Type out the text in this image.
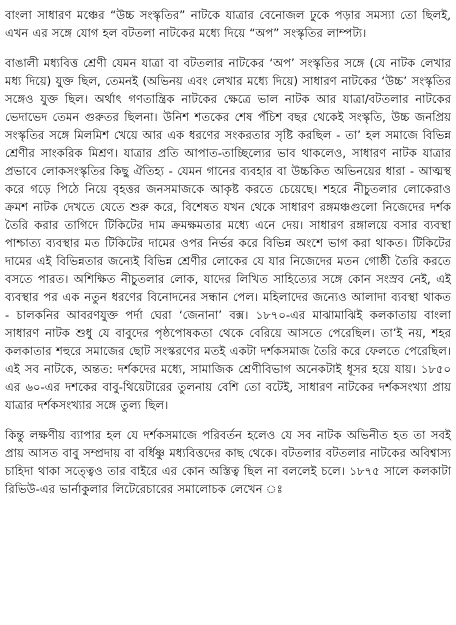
বাংলা সাধারণ মঞ্চের “উচ্চ সংস্কৃতির” নাটকে যাত্রার বেনোজল ঢুকে পড়ার সমস্যা তো ছিলই, এখন এর সঙ্গে যোগ হল বটতলা নাটকের মধ্যে দিয়ে “অপ” সংস্কৃতির লাম্পট্য।

বাঙালী মধ্যবিত্ত শ্রেণী যেমন যাত্রা বা বটতলার নাটকের ‘অপ’ সংস্কৃতির সঙ্গে (যে নাটক লেখার মধ্য দিয়ে) যুক্ত ছিল, তেমনই (অভিনয় এবং লেখার মধ্যে দিয়ে) সাধারণ নাটকের ‘উচ্চ’ সংস্কৃতির সঙ্গেও যুক্ত ছিল। অর্থাৎ গণতান্ত্রিক নাটকের ক্ষেত্রে ভাল নাটক আর যাত্রা/বটতলার নাটকের ভেদাভেদ তেমন গুরুতর ছিলনা। উনিশ শতকের শেষ পঁচিশ বছর থেকেই সংস্কৃতি, উচ্চ জনপ্রিয় সংস্কৃতির সঙ্গে মিলমিশ খেয়ে আর এক ধরণের সংকরতার সৃষ্টি করছিল - তা’ হল সমাজে বিভিন্ন শ্রেণীর সাংকরিক মিশ্রণ। যাত্রার প্রতি আপাত-তাচ্ছিল্যের ভাব থাকলেও, সাধারণ নাটক যাত্রার প্রভাবে লোকসংস্কৃতির কিছু ঐতিহ্য - যেমন গানের ব্যবহার বা উচ্চকিত অভিনয়ের ধারা - আত্মস্থ করে গড়ে পিঠে নিয়ে বৃহত্তর জনসমাজকে আকৃষ্ট করতে চেয়েছে। শহরে নীচুতলার লোকেরাও ক্রমশ নাটক দেখতে যেতে শুরু করে, বিশেষত যখন থেকে সাধারণ রঙ্গমঞ্চগুলো নিজেদের দর্শক তৈরি করার তাগিদে টিকিটের দাম ক্রমক্ষমতার মধ্যে এনে দেয়। সাধারণ রঙ্গালয়ে বসার ব্যবস্থা পাশ্চাত্য ব্যবস্থার মত টিকিটের দামের ওপর নির্ভর করে বিভিন্ন অংশে ভাগ করা থাকত। টিকিটের দামের এই বিভিন্নতার জন্যেই বিভিন্ন শ্রেণীর লোকের যে যার নিজেদের মতন গোষ্ঠী তৈরি করতে বসতে পারত। অশিক্ষিত নীচুতলার লোক, যাদের লিখিত সাহিত্যের সঙ্গে কোন সংস্রব নেই, এই ব্যবস্থার পর এক নতুন ধরণের বিনোদনের সন্ধান পেল। মহিলাদের জন্যেও আলাদা ব্যবস্থা থাকত - চালকনির আবরণযুক্ত পর্দা ঘেরা ‘জেনানা’ বক্স। ১৮৭০-এর মাঝামাঝিই কলকাতায় বাংলা সাধারণ নাটক শুধু যে বাবুদের পৃষ্ঠপোষকতা থেকে বেরিয়ে আসতে পেরেছিল। তা’ই নয়, শহর কলকাতার শহুরে সমাজের ছোট সংস্করণের মতই একটা দর্শকসমাজ তৈরি করে ফেলতে পেরেছিল। এই সব নাটকে, অন্তত: দর্শকদের মধ্যে, সামাজিক শ্রেণীবিভাগ অনেকটাই ধূসর হয়ে যায়। ১৮৫০ এর ৬০-এর দশকের বাবু-থিয়েটারের তুলনায় বেশি তো বটেই, সাধারণ নাটকের দর্শকসংখ্যা প্রায় যাত্রার দর্শকসংখ্যার সঙ্গে তুল্য ছিল।

কিন্তু লক্ষণীয় ব্যাপার হল যে দর্শকসমাজে পরিবর্তন হলেও যে সব নাটক অভিনীত হত তা সবই প্রায় আসত বাবু সম্প্রদায় বা বর্ধিষ্ণু মধ্যবিত্তদের কাছ থেকে। বটতলার বটতলার নাটকের অবিশ্বাস্য চাহিদা থাকা সত্ত্বেও তার বাইরে এর কোন অস্তিত্ব ছিল না বললেই চলে। ১৮৭৫ সালে কলকাটা রিভিউ-এর ভার্নাকুলার লিটেরেচারের সমালোচক লেখেন ঃ
